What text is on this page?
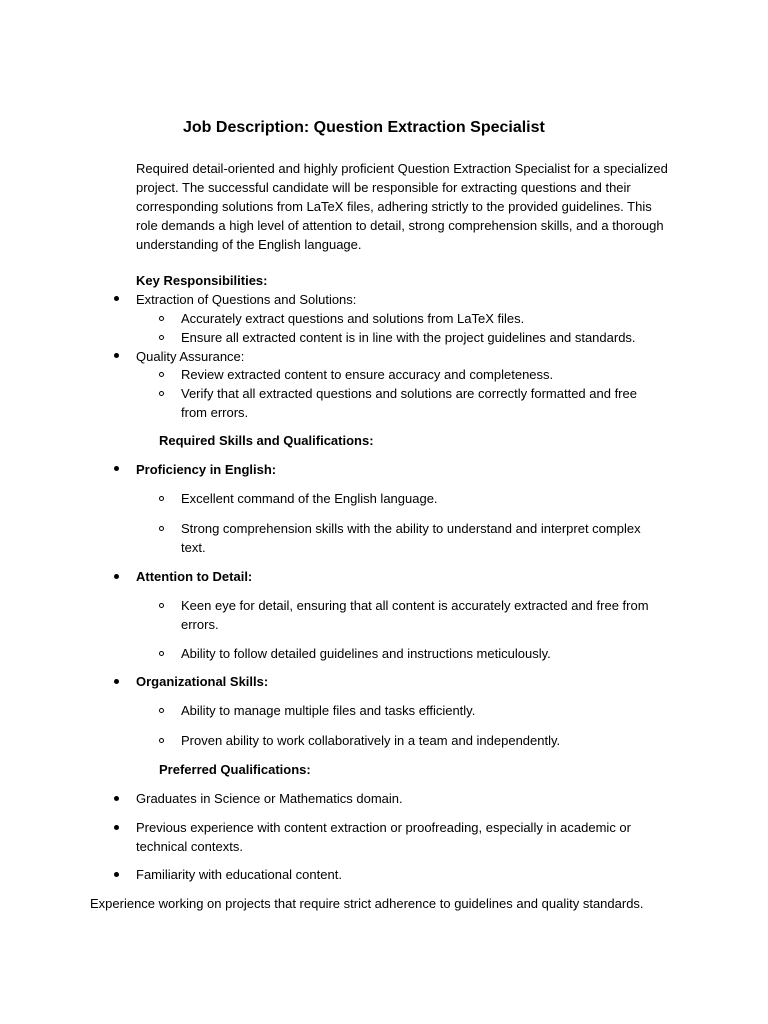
Job Description: Question Extraction Specialist
Required detail-oriented and highly proficient Question Extraction Specialist for a specialized project. The successful candidate will be responsible for extracting questions and their corresponding solutions from LaTeX files, adhering strictly to the provided guidelines. This role demands a high level of attention to detail, strong comprehension skills, and a thorough understanding of the English language.
Key Responsibilities:
Extraction of Questions and Solutions:
Accurately extract questions and solutions from LaTeX files.
Ensure all extracted content is in line with the project guidelines and standards.
Quality Assurance:
Review extracted content to ensure accuracy and completeness.
Verify that all extracted questions and solutions are correctly formatted and free from errors.
Required Skills and Qualifications:
Proficiency in English:
Excellent command of the English language.
Strong comprehension skills with the ability to understand and interpret complex text.
Attention to Detail:
Keen eye for detail, ensuring that all content is accurately extracted and free from errors.
Ability to follow detailed guidelines and instructions meticulously.
Organizational Skills:
Ability to manage multiple files and tasks efficiently.
Proven ability to work collaboratively in a team and independently.
Preferred Qualifications:
Graduates in Science or Mathematics domain.
Previous experience with content extraction or proofreading, especially in academic or technical contexts.
Familiarity with educational content.
Experience working on projects that require strict adherence to guidelines and quality standards.
